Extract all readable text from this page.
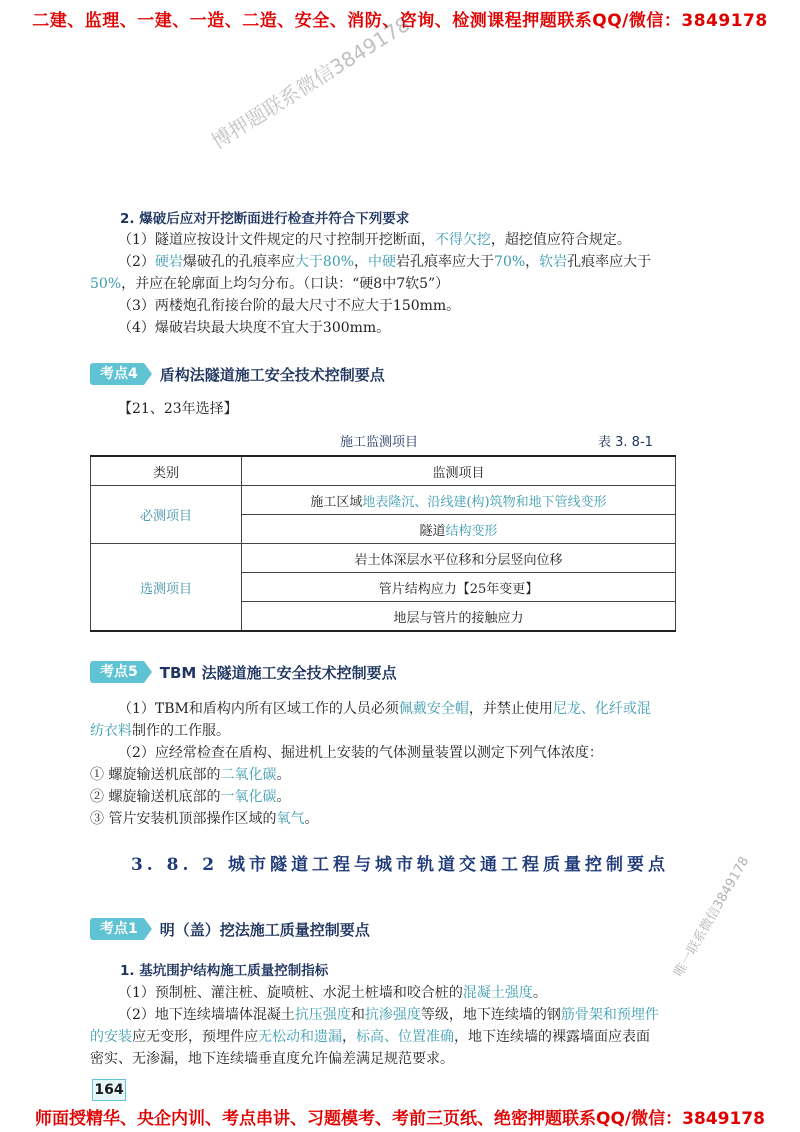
二建、监理、一建、一造、二造、安全、消防、咨询、检测课程押题联系QQ/微信：3849178
博押题联系微信3849178
唯一联系微信3849178
2. 爆破后应对开挖断面进行检查并符合下列要求
（1）隧道应按设计文件规定的尺寸控制开挖断面，不得欠挖，超挖值应符合规定。
（2）硬岩爆破孔的孔痕率应大于80%，中硬岩孔痕率应大于70%，软岩孔痕率应大于
50%，并应在轮廓面上均匀分布。（口诀：“硬8中7软5”）
（3）两楼炮孔衔接台阶的最大尺寸不应大于150mm。
（4）爆破岩块最大块度不宜大于300mm。
考点4	盾构法隧道施工安全技术控制要点
【21、23年选择】
施工监测项目	表 3. 8-1
类别	监测项目
必测项目	施工区域地表隆沉、沿线建(构)筑物和地下管线变形
	隧道结构变形
选测项目	岩土体深层水平位移和分层竖向位移
	管片结构应力【25年变更】
	地层与管片的接触应力
考点5	TBM 法隧道施工安全技术控制要点
（1）TBM和盾构内所有区域工作的人员必须佩戴安全帽，并禁止使用尼龙、化纤或混
纺衣料制作的工作服。
（2）应经常检查在盾构、掘进机上安装的气体测量装置以测定下列气体浓度：
① 螺旋输送机底部的二氧化碳。
② 螺旋输送机底部的一氧化碳。
③ 管片安装机顶部操作区域的氧气。
3. 8. 2 城市隧道工程与城市轨道交通工程质量控制要点
考点1	明（盖）挖法施工质量控制要点
1. 基坑围护结构施工质量控制指标
（1）预制桩、灌注桩、旋喷桩、水泥土桩墙和咬合桩的混凝土强度。
（2）地下连续墙墙体混凝土抗压强度和抗渗强度等级，地下连续墙的钢筋骨架和预埋件
的安装应无变形，预埋件应无松动和遗漏，标高、位置准确，地下连续墙的裸露墙面应表面
密实、无渗漏，地下连续墙垂直度允许偏差满足规范要求。
164
师面授精华、央企内训、考点串讲、习题模考、考前三页纸、绝密押题联系QQ/微信：3849178
